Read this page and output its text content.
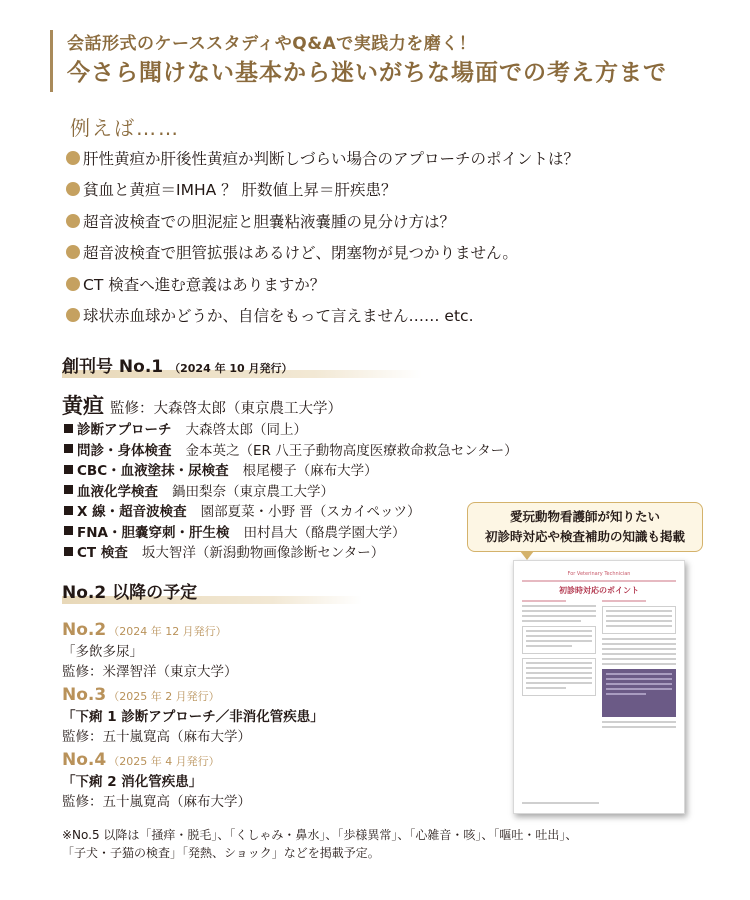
会話形式のケーススタディやQ&Aで実践力を磨く！
今さら聞けない基本から迷いがちな場面での考え方まで
例えば……
肝性黄疸か肝後性黄疸か判断しづらい場合のアプローチのポイントは？
貧血と黄疸＝IMHA ？ 肝数値上昇＝肝疾患？
超音波検査での胆泥症と胆嚢粘液嚢腫の見分け方は？
超音波検査で胆管拡張はあるけど、閉塞物が見つかりません。
CT 検査へ進む意義はありますか？
球状赤血球かどうか、自信をもって言えません…… etc.
創刊号 No.1 （2024 年 10 月発行）
黄疸 監修：大森啓太郎（東京農工大学）
診断アプローチ 大森啓太郎（同上）
問診・身体検査 金本英之（ER 八王子動物高度医療救命救急センター）
CBC・血液塗抹・尿検査 根尾櫻子（麻布大学）
血液化学検査 鍋田梨奈（東京農工大学）
X 線・超音波検査 園部夏菜・小野 晋（スカイペッツ）
FNA・胆嚢穿刺・肝生検 田村昌大（酪農学園大学）
CT 検査 坂大智洋（新潟動物画像診断センター）
No.2 以降の予定
No.2 （2024 年 12 月発行）
「多飲多尿」
監修：米澤智洋（東京大学）
No.3 （2025 年 2 月発行）
「下痢 1 診断アプローチ／非消化管疾患」
監修：五十嵐寛高（麻布大学）
No.4 （2025 年 4 月発行）
「下痢 2 消化管疾患」
監修：五十嵐寛高（麻布大学）
※No.5 以降は「掻痒・脱毛」、「くしゃみ・鼻水」、「歩様異常」、「心雑音・咳」、「嘔吐・吐出」、
「子犬・子猫の検査」「発熱、ショック」などを掲載予定。
愛玩動物看護師が知りたい
初診時対応や検査補助の知識も掲載
For Veterinary Technician
初診時対応のポイント
